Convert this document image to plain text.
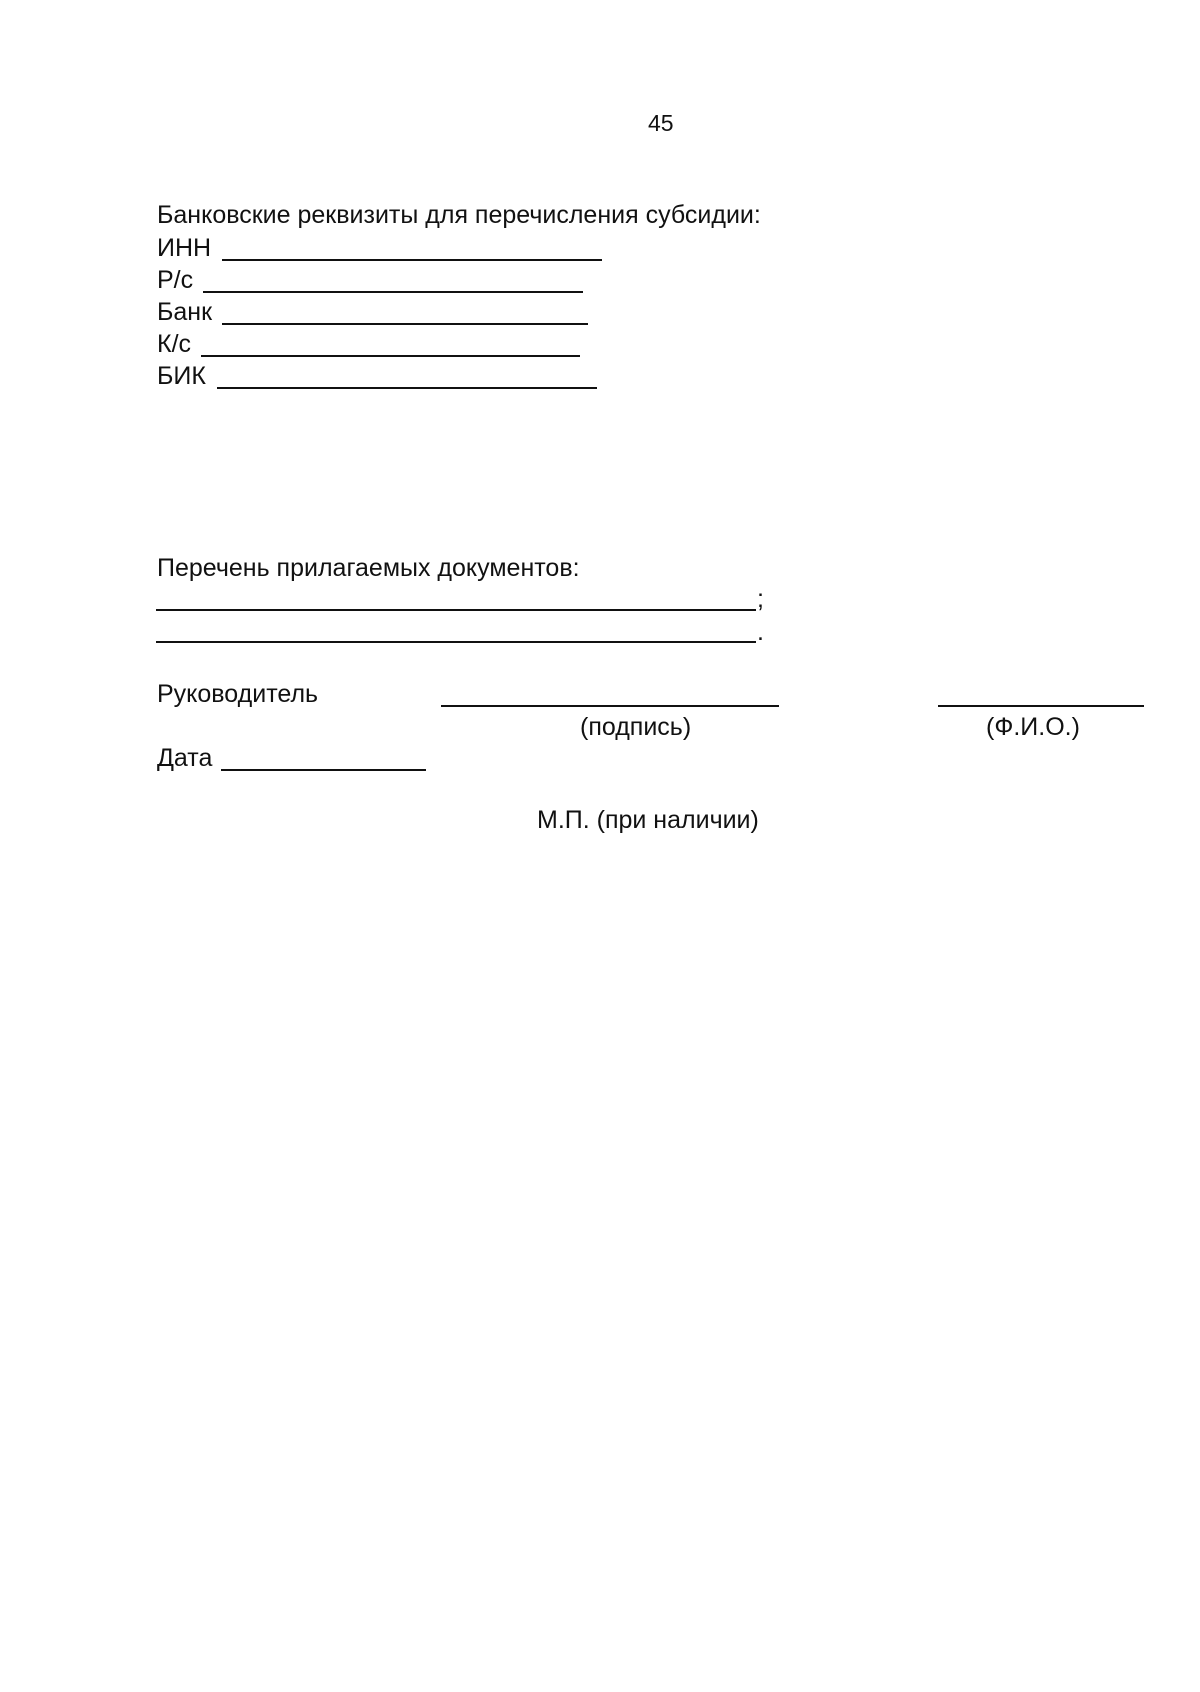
45
Банковские реквизиты для перечисления субсидии:
ИНН
Р/с
Банк
К/с
БИК
Перечень прилагаемых документов:
;
.
Руководитель
(подпись)	(Ф.И.О.)
Дата
М.П. (при наличии)
